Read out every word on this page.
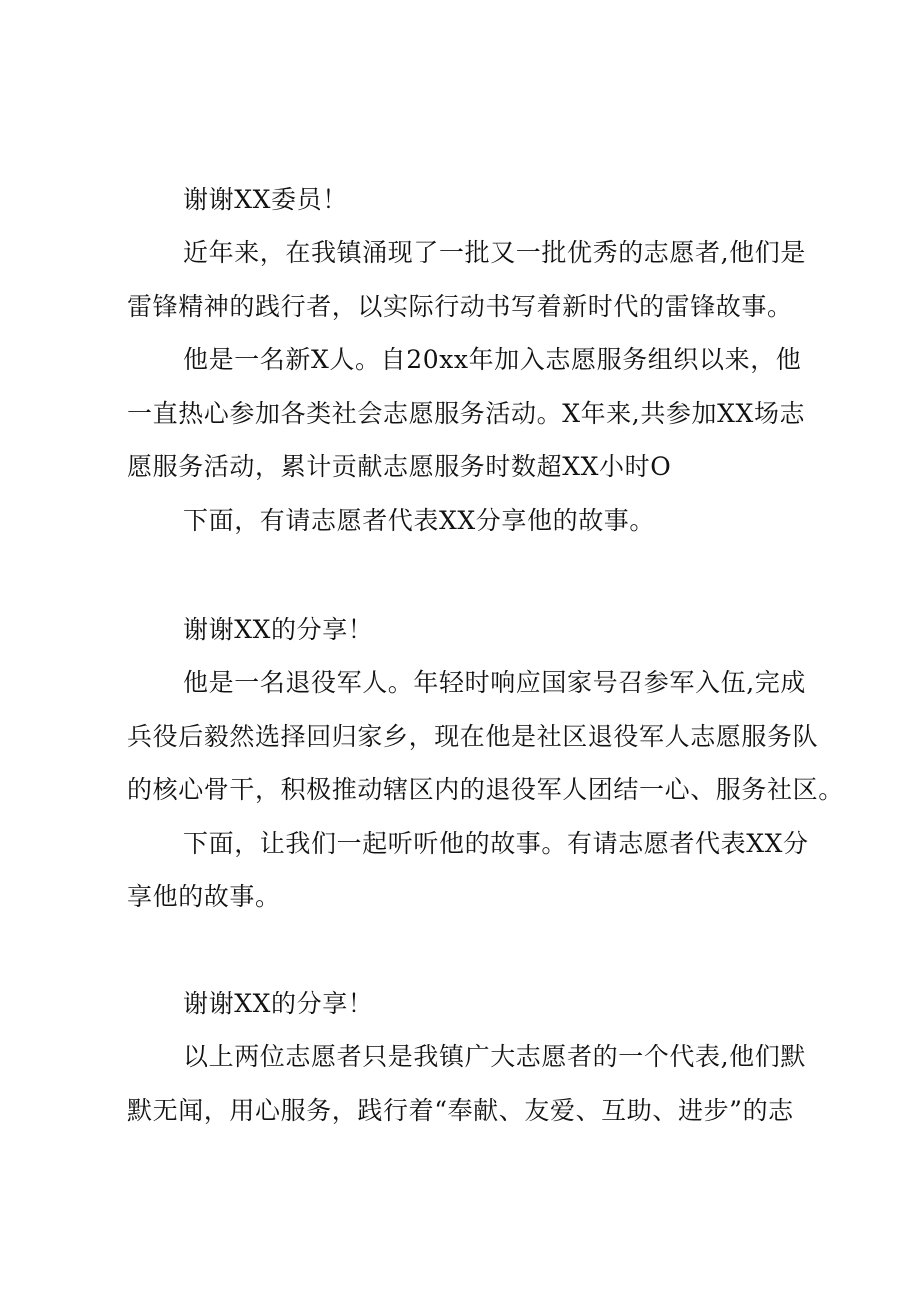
谢谢XX委员！
近年来，在我镇涌现了一批又一批优秀的志愿者,他们是
雷锋精神的践行者，以实际行动书写着新时代的雷锋故事。
他是一名新X人。自20xx年加入志愿服务组织以来，他
一直热心参加各类社会志愿服务活动。X年来,共参加XX场志
愿服务活动，累计贡献志愿服务时数超XX小时O
下面，有请志愿者代表XX分享他的故事。
谢谢XX的分享！
他是一名退役军人。年轻时响应国家号召参军入伍,完成
兵役后毅然选择回归家乡，现在他是社区退役军人志愿服务队
的核心骨干，积极推动辖区内的退役军人团结一心、服务社区。
下面，让我们一起听听他的故事。有请志愿者代表XX分
享他的故事。
谢谢XX的分享！
以上两位志愿者只是我镇广大志愿者的一个代表,他们默
默无闻，用心服务，践行着“奉献、友爱、互助、进步”的志
